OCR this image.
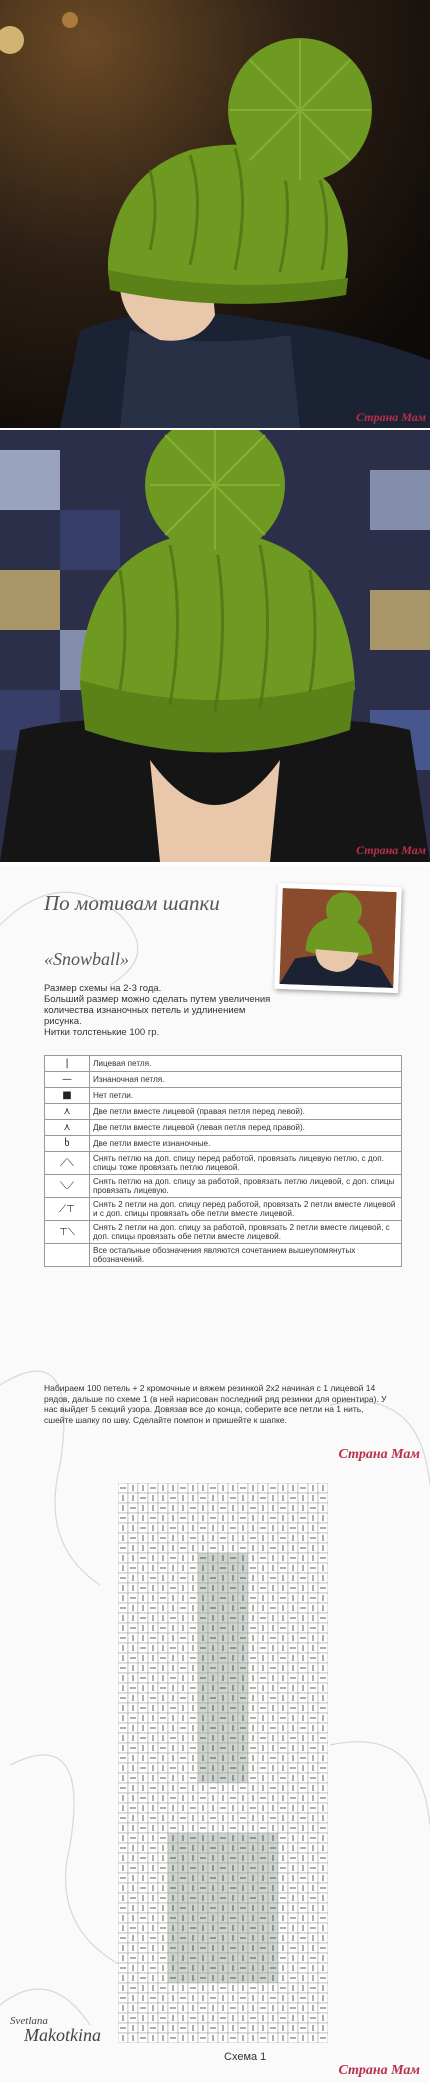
Страна Мам
Страна Мам
По мотивам шапки
«Snowball»

Размер схемы на 2-3 года.

Больший размер можно сделать путем увеличения количества изнаночных петель и удлинением рисунка.

Нитки толстенькие 100 гр.

|	Лицевая петля.
—	Изнаночная петля.
■	Нет петли.
⋏	Две петли вместе лицевой (правая петля перед левой).
⋏	Две петли вместе лицевой (левая петля перед правой).
ხ	Две петли вместе изнаночные.
⟋⟍	Снять петлю на доп. спицу перед работой, провязать лицевую петлю, с доп. спицы тоже провязать петлю лицевой.
⟍⟋	Снять петлю на доп. спицу за работой, провязать петлю лицевой, с доп. спицы провязать лицевую.
⟋⊤	Снять 2 петли на доп. спицу перед работой, провязать 2 петли вместе лицевой и с доп. спицы провязать обе петли вместе лицевой.
⊤⟍	Снять 2 петли на доп. спицу за работой, провязать 2 петли вместе лицевой, с доп. спицы провязать обе петли вместе лицевой.
	Все остальные обозначения являются сочетанием вышеупомянутых обозначений.
Набираем 100 петель + 2 кромочные и вяжем резинкой 2х2 начиная с 1 лицевой 14 рядов, дальше по схеме 1 (в ней нарисован последний ряд резинки для ориентира). У нас выйдет 5 секций узора. Довязав все до конца, соберите все петли на 1 нить, сшейте шапку по шву. Сделайте помпон и пришейте к шапке.
Страна Мам
Схема 1
Svetlana
Makotkina
Страна Мам
